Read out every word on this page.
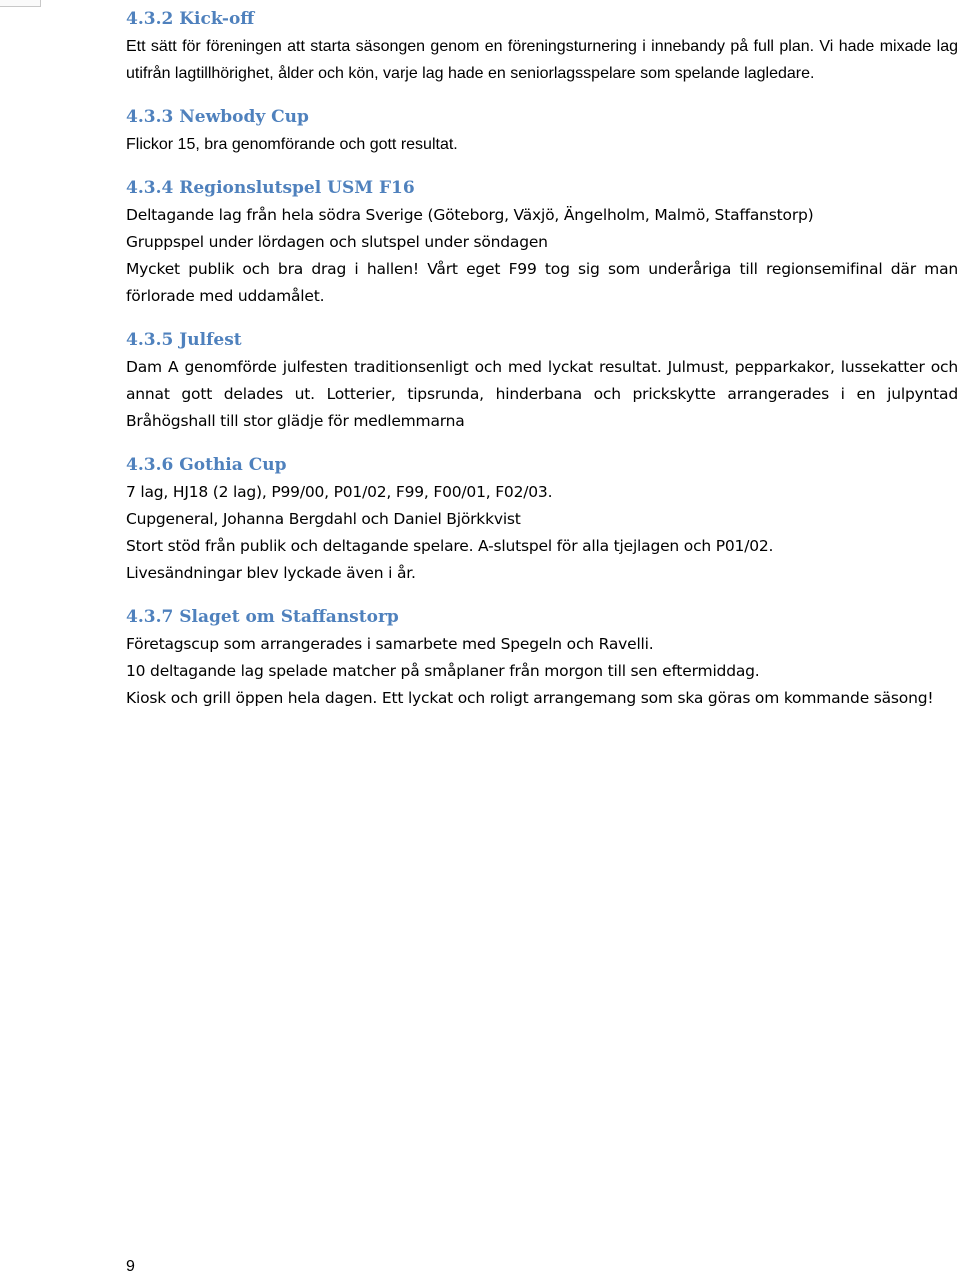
4.3.2 Kick-off

Ett sätt för föreningen att starta säsongen genom en föreningsturnering i innebandy på full plan. Vi hade mixade lag utifrån lagtillhörighet, ålder och kön, varje lag hade en seniorlagsspelare som spelande lagledare.

4.3.3 Newbody Cup

Flickor 15, bra genomförande och gott resultat.

4.3.4 Regionslutspel USM F16

Deltagande lag från hela södra Sverige (Göteborg, Växjö, Ängelholm, Malmö, Staffanstorp)

Gruppspel under lördagen och slutspel under söndagen

Mycket publik och bra drag i hallen! Vårt eget F99 tog sig som underåriga till regionsemifinal där man förlorade med uddamålet.

4.3.5 Julfest

Dam A genomförde julfesten traditionsenligt och med lyckat resultat. Julmust, pepparkakor, lussekatter och annat gott delades ut. Lotterier, tipsrunda, hinderbana och prickskytte arrangerades i en julpyntad Bråhögshall till stor glädje för medlemmarna

4.3.6 Gothia Cup

7 lag, HJ18 (2 lag), P99/00, P01/02, F99, F00/01, F02/03.

Cupgeneral, Johanna Bergdahl och Daniel Björkkvist

Stort stöd från publik och deltagande spelare. A-slutspel för alla tjejlagen och P01/02.

Livesändningar blev lyckade även i år.

4.3.7 Slaget om Staffanstorp

Företagscup som arrangerades i samarbete med Spegeln och Ravelli.

10 deltagande lag spelade matcher på småplaner från morgon till sen eftermiddag.

Kiosk och grill öppen hela dagen. Ett lyckat och roligt arrangemang som ska göras om kommande säsong!

9
